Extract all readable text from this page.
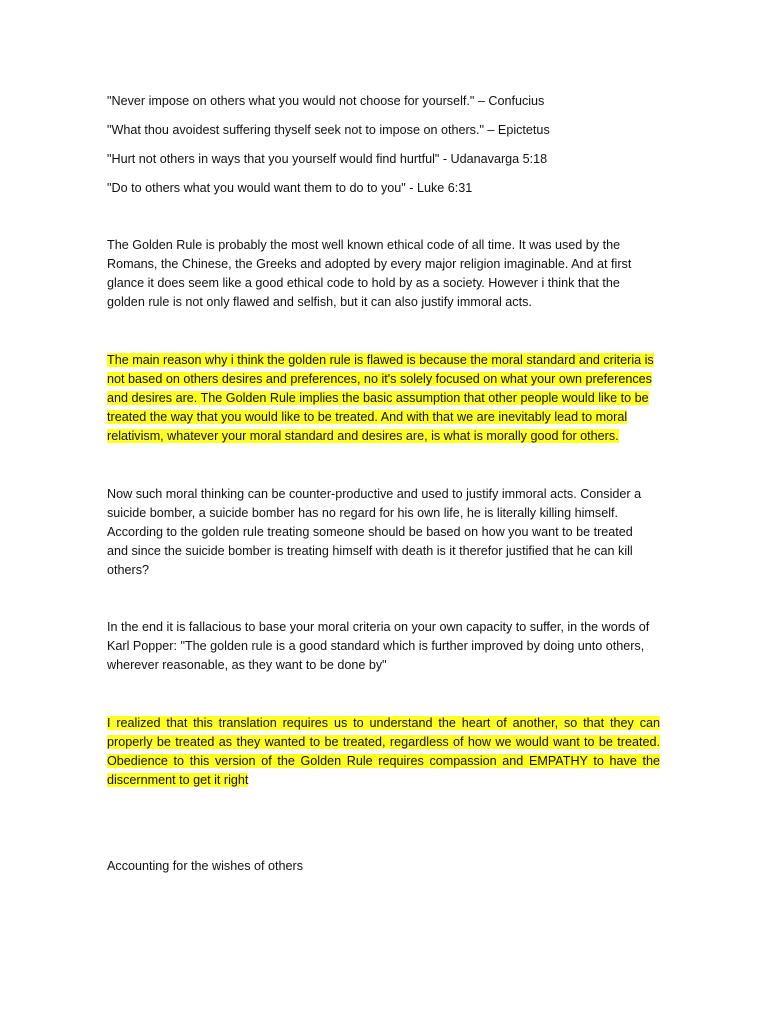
"Never impose on others what you would not choose for yourself." – Confucius
"What thou avoidest suffering thyself seek not to impose on others." – Epictetus
"Hurt not others in ways that you yourself would find hurtful" - Udanavarga 5:18
"Do to others what you would want them to do to you" - Luke 6:31
The Golden Rule is probably the most well known ethical code of all time. It was used by the
Romans, the Chinese, the Greeks and adopted by every major religion imaginable. And at first
glance it does seem like a good ethical code to hold by as a society. However i think that the
golden rule is not only flawed and selfish, but it can also justify immoral acts.
The main reason why i think the golden rule is flawed is because the moral standard and criteria is
not based on others desires and preferences, no it's solely focused on what your own preferences
and desires are. The Golden Rule implies the basic assumption that other people would like to be
treated the way that you would like to be treated. And with that we are inevitably lead to moral
relativism, whatever your moral standard and desires are, is what is morally good for others.
Now such moral thinking can be counter-productive and used to justify immoral acts. Consider a
suicide bomber, a suicide bomber has no regard for his own life, he is literally killing himself.
According to the golden rule treating someone should be based on how you want to be treated
and since the suicide bomber is treating himself with death is it therefor justified that he can kill
others?
In the end it is fallacious to base your moral criteria on your own capacity to suffer, in the words of
Karl Popper: "The golden rule is a good standard which is further improved by doing unto others,
wherever reasonable, as they want to be done by"
I realized that this translation requires us to understand the heart of another, so that they can
properly be treated as they wanted to be treated, regardless of how we would want to be treated.
Obedience to this version of the Golden Rule requires compassion and EMPATHY to have the
discernment to get it right
Accounting for the wishes of others
